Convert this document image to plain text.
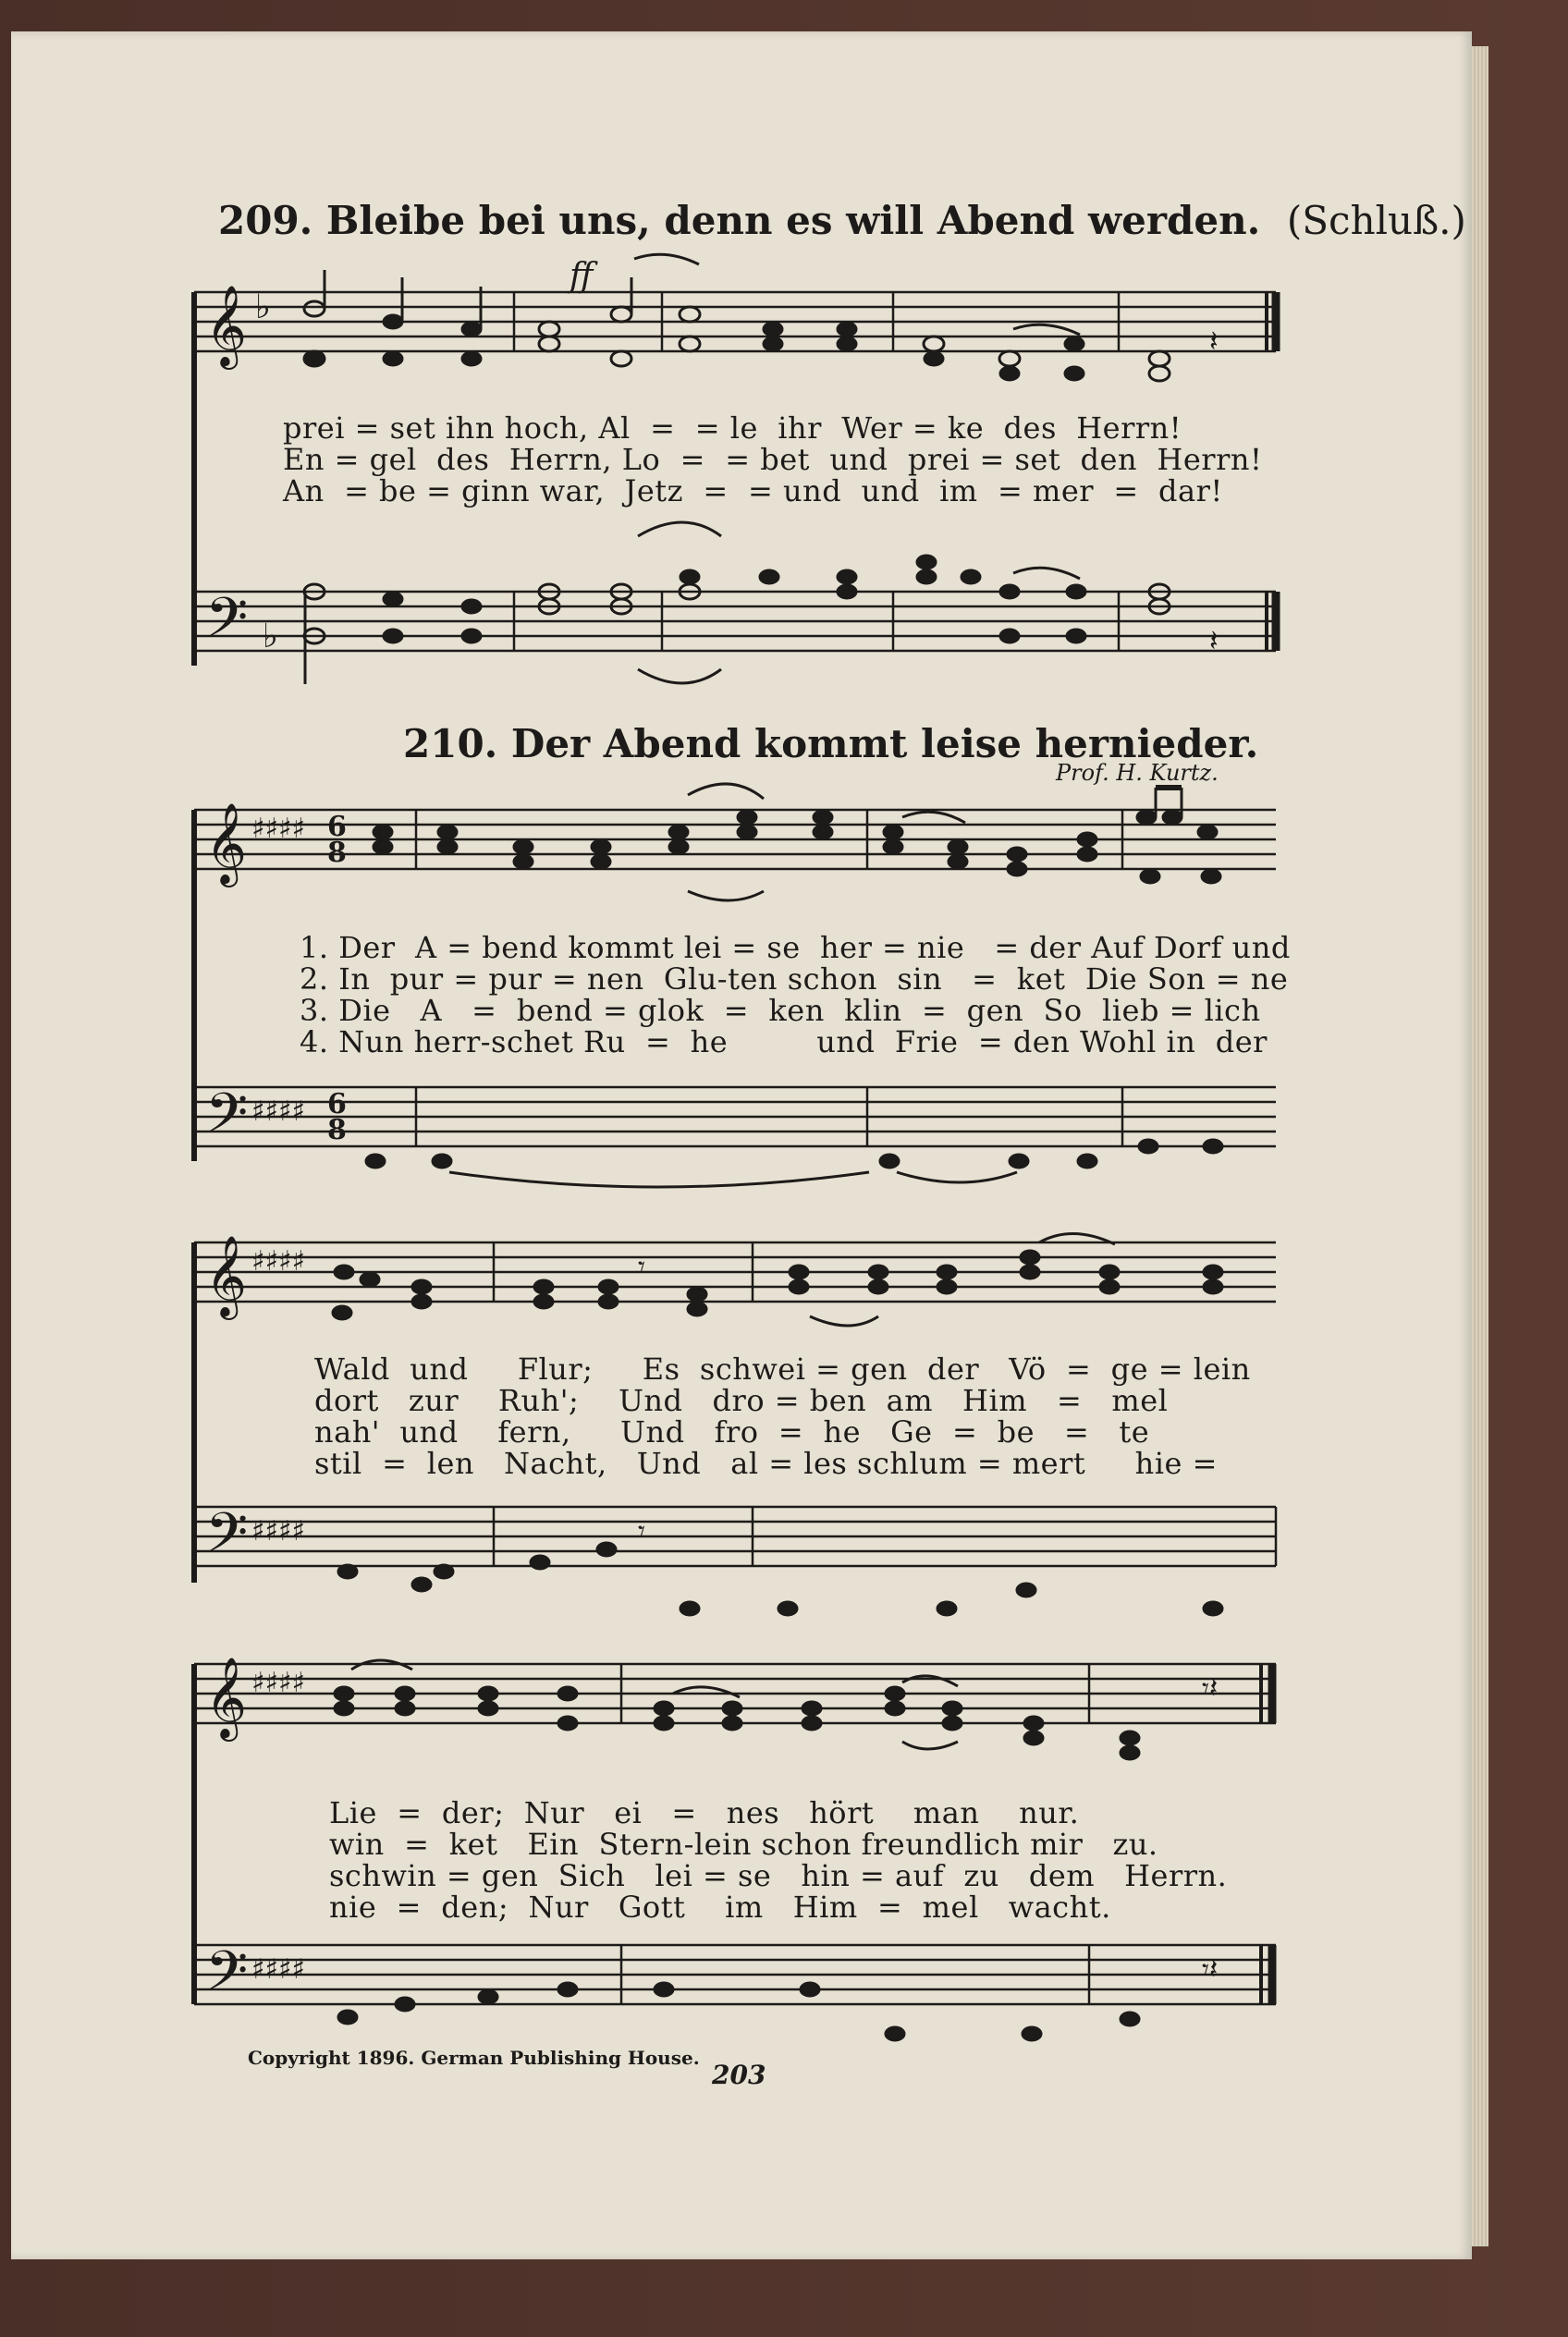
209. Bleibe bei uns, denn es will Abend werden. (Schluß.)
𝄞 ♭
ff
𝄽
𝄢 ♭	𝄽
𝄞 ♯♯♯♯ 6
8
𝄢 ♯♯♯♯ 6
8
𝄞 ♯♯♯♯	𝄾
𝄢 ♯♯♯♯	𝄾
𝄞 ♯♯♯♯	𝄾𝄽
𝄢 ♯♯♯♯	𝄾𝄽
prei = set ihn hoch, Al  =  = le  ihr  Wer = ke  des  Herrn!
En = gel  des  Herrn, Lo  =  = bet  und  prei = set  den  Herrn!
An  = be = ginn war,  Jetz  =  = und  und  im  = mer  =  dar!
210. Der Abend kommt leise hernieder.
Prof. H. Kurtz.
1. Der  A = bend kommt lei = se  her = nie   = der Auf Dorf und
2. In  pur = pur = nen  Glu-ten schon  sin   =  ket  Die Son = ne
3. Die   A   =  bend = glok  =  ken  klin  =  gen  So  lieb = lich
4. Nun herr-schet Ru  =  he         und  Frie  = den Wohl in  der
Wald  und     Flur;     Es  schwei = gen  der   Vö  =  ge = lein
dort   zur    Ruh';    Und   dro = ben  am   Him   =   mel
nah'  und    fern,     Und   fro  =  he   Ge  =  be   =   te
stil  =  len   Nacht,   Und   al = les schlum = mert     hie =
Lie  =  der;  Nur   ei   =   nes   hört    man    nur.
win  =  ket   Ein  Stern-lein schon freundlich mir   zu.
schwin = gen  Sich   lei = se   hin = auf  zu   dem   Herrn.
nie  =  den;  Nur   Gott    im   Him  =  mel   wacht.
Copyright 1896. German Publishing House.
203
